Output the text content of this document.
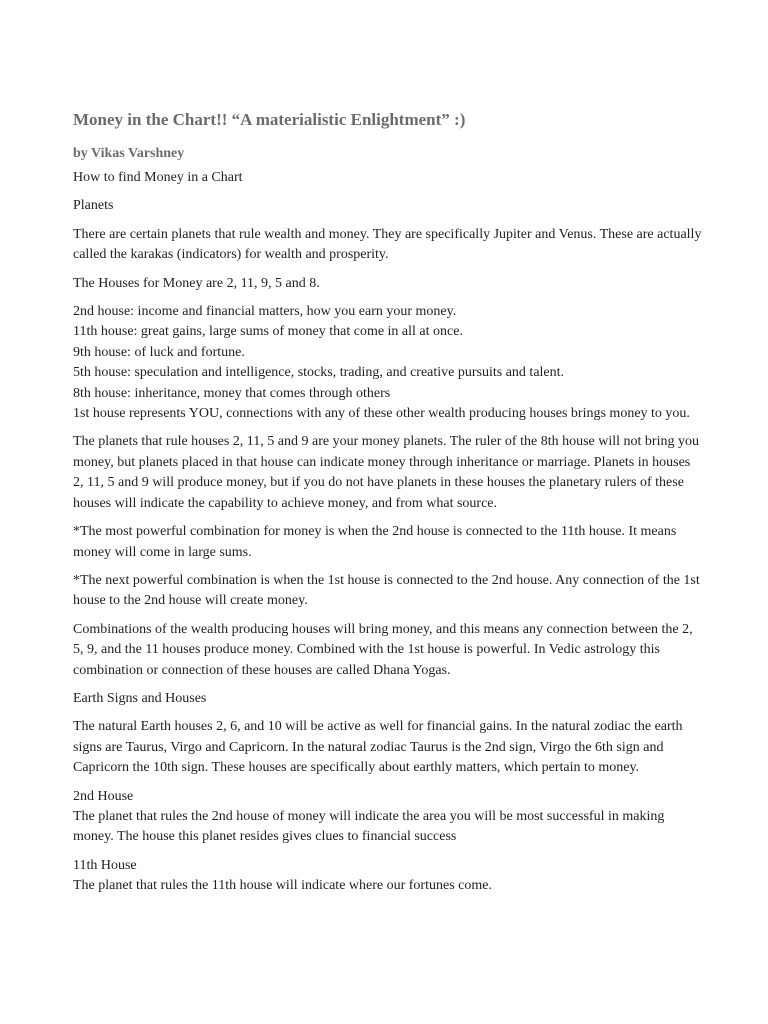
Money in the Chart!! “A materialistic Enlightment” :)

by Vikas Varshney

How to find Money in a Chart

Planets

There are certain planets that rule wealth and money. They are specifically Jupiter and Venus. These are actually called the karakas (indicators) for wealth and prosperity.

The Houses for Money are 2, 11, 9, 5 and 8.

2nd house: income and financial matters, how you earn your money.
11th house: great gains, large sums of money that come in all at once.
9th house: of luck and fortune.
5th house: speculation and intelligence, stocks, trading, and creative pursuits and talent.
8th house: inheritance, money that comes through others
1st house represents YOU, connections with any of these other wealth producing houses brings money to you.

The planets that rule houses 2, 11, 5 and 9 are your money planets. The ruler of the 8th house will not bring you money, but planets placed in that house can indicate money through inheritance or marriage. Planets in houses 2, 11, 5 and 9 will produce money, but if you do not have planets in these houses the planetary rulers of these houses will indicate the capability to achieve money, and from what source.

*The most powerful combination for money is when the 2nd house is connected to the 11th house. It means money will come in large sums.

*The next powerful combination is when the 1st house is connected to the 2nd house. Any connection of the 1st house to the 2nd house will create money.

Combinations of the wealth producing houses will bring money, and this means any connection between the 2, 5, 9, and the 11 houses produce money. Combined with the 1st house is powerful. In Vedic astrology this combination or connection of these houses are called Dhana Yogas.

Earth Signs and Houses

The natural Earth houses 2, 6, and 10 will be active as well for financial gains. In the natural zodiac the earth signs are Taurus, Virgo and Capricorn. In the natural zodiac Taurus is the 2nd sign, Virgo the 6th sign and Capricorn the 10th sign. These houses are specifically about earthly matters, which pertain to money.

2nd House
The planet that rules the 2nd house of money will indicate the area you will be most successful in making money. The house this planet resides gives clues to financial success

11th House
The planet that rules the 11th house will indicate where our fortunes come.
